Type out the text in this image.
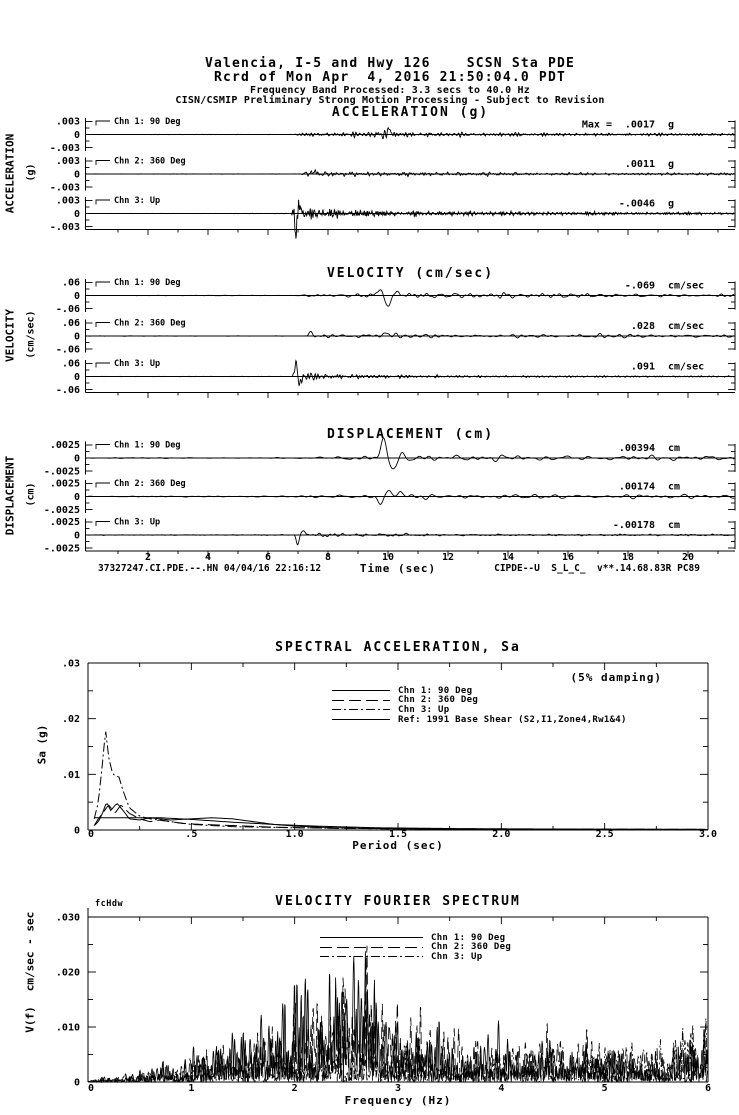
Chn 1: 90 Deg
.003
0
-.003
Max = .0017 g
Chn 2: 360 Deg
.003
0
-.003
.0011 g
Chn 3: Up
.003
0
-.003
-.0046 g
Chn 1: 90 Deg
.06
0
-.06
-.069 cm/sec
Chn 2: 360 Deg
.06
0
-.06
.028 cm/sec
Chn 3: Up
.06
0
-.06
.091 cm/sec
Chn 1: 90 Deg
.0025
0
-.0025
.00394 cm
Chn 2: 360 Deg
.0025
0
-.0025
.00174 cm
Chn 3: Up
.0025
0
-.0025
-.00178 cm
2	4	6	8	10	12	14	16	18	20
0	.5	1.0	1.5	2.0	2.5	3.0
.03
.02
.01
0
0	1	2	3	4	5	6
.030
.020
.010
0
Valencia, I-5 and Hwy 126    SCSN Sta PDE
Rcrd of Mon Apr  4, 2016 21:50:04.0 PDT
Frequency Band Processed: 3.3 secs to 40.0 Hz
CISN/CSMIP Preliminary Strong Motion Processing - Subject to Revision
ACCELERATION (g)
VELOCITY (cm/sec)
DISPLACEMENT (cm)
ACCELERATION (g)
VELOCITY (cm/sec)
DISPLACEMENT (cm)
Time (sec)
37327247.CI.PDE.--.HN 04/04/16 22:16:12	CIPDE--U  S_L_C_  v**.14.68.83R PC89
SPECTRAL ACCELERATION, Sa
(5% damping)
Sa (g)
Period (sec)
Chn 1: 90 Deg
Chn 2: 360 Deg
Chn 3: Up
Ref: 1991 Base Shear (S2,I1,Zone4,Rw1&4)
VELOCITY FOURIER SPECTRUM
fcHdw
cm/sec - sec
V(f)
Frequency (Hz)
Chn 1: 90 Deg
Chn 2: 360 Deg
Chn 3: Up
